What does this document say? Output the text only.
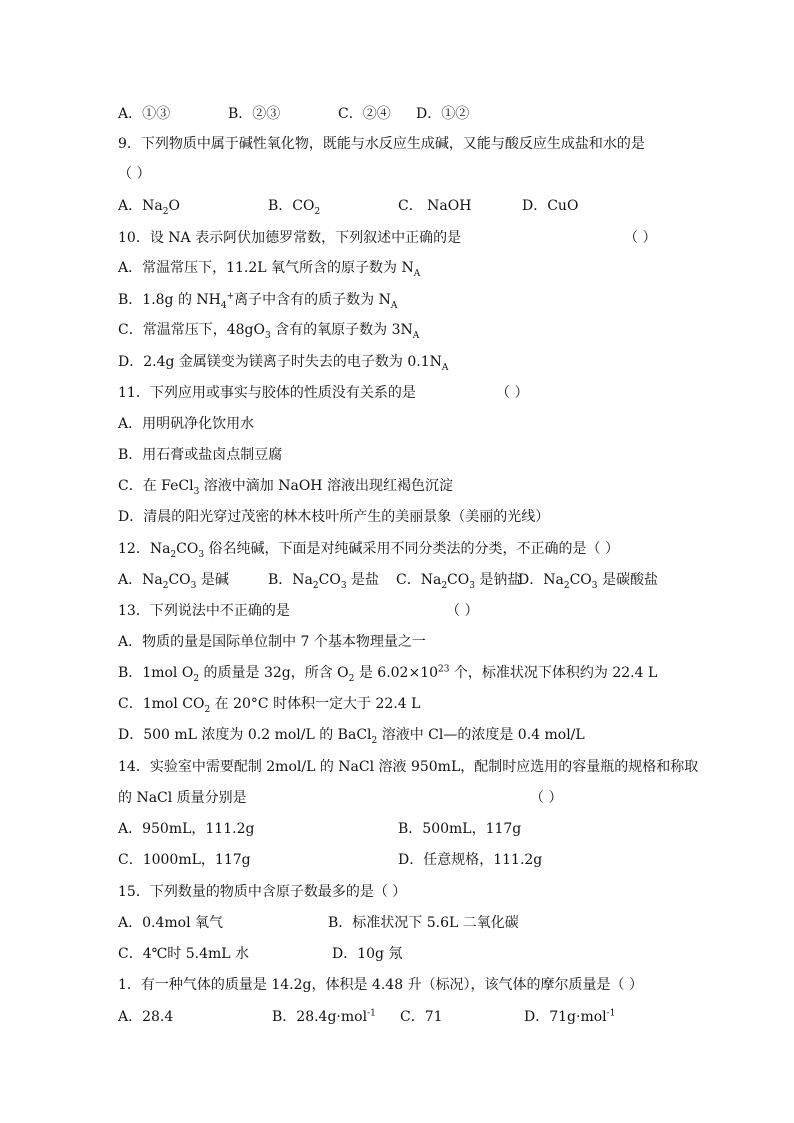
A．①③	B．②③	C．②④ D．①②
9．下列物质中属于碱性氧化物，既能与水反应生成碱，又能与酸反应生成盐和水的是
（ ）
A．$Na_2O$	B．$CO_2$	C． NaOH	D．CuO
10．设 NA 表示阿伏加德罗常数，下列叙述中正确的是	（ ）
A．常温常压下，11.2L 氧气所含的原子数为 $N_A$
B．1.8g 的 $NH_4^+$离子中含有的质子数为 $N_A$
C．常温常压下，$48gO_3$ 含有的氧原子数为 $3N_A$
D．2.4g 金属镁变为镁离子时失去的电子数为 $0.1N_A$
11．下列应用或事实与胶体的性质没有关系的是	（ ）
A．用明矾净化饮用水
B．用石膏或盐卤点制豆腐
C．在 FeCl$_3$ 溶液中滴加 NaOH 溶液出现红褐色沉淀
D．清晨的阳光穿过茂密的林木枝叶所产生的美丽景象（美丽的光线）
12．$Na_2CO_3$ 俗名纯碱，下面是对纯碱采用不同分类法的分类，不正确的是（ ）
A．$Na_2CO_3$ 是碱	B．$Na_2CO_3$ 是盐 C．$Na_2CO_3$ 是钠盐
D．$Na_2CO_3$ 是碳酸盐
13．下列说法中不正确的是	（ ）
A．物质的量是国际单位制中 7 个基本物理量之一
B．1mol $O_2$ 的质量是 32g，所含 $O_2$ 是 $6.02\times 10^{23}$ 个，标准状况下体积约为 22.4 L
C．1mol $CO_2$ 在 20°C 时体积一定大于 22.4 L
D．500 mL 浓度为 0.2 mol/L 的 BaCl$_2$ 溶液中 Cl—的浓度是 0.4 mol/L
14．实验室中需要配制 2mol/L 的 NaCl 溶液 950mL，配制时应选用的容量瓶的规格和称取
的 NaCl 质量分别是	（ ）
A．950mL，111.2g	B．500mL，117g
C．1000mL，117g	D．任意规格，111.2g
15．下列数量的物质中含原子数最多的是（ ）
A．0.4mol 氧气	B．标准状况下 5.6L 二氧化碳
C．4℃时 5.4mL 水	D．10g 氖
1．有一种气体的质量是 14.2g，体积是 4.48 升（标况），该气体的摩尔质量是（ ）
A．28.4	B．28.4g·mol$^{-1}$ C．71	D．71g·mol$^{-1}$
